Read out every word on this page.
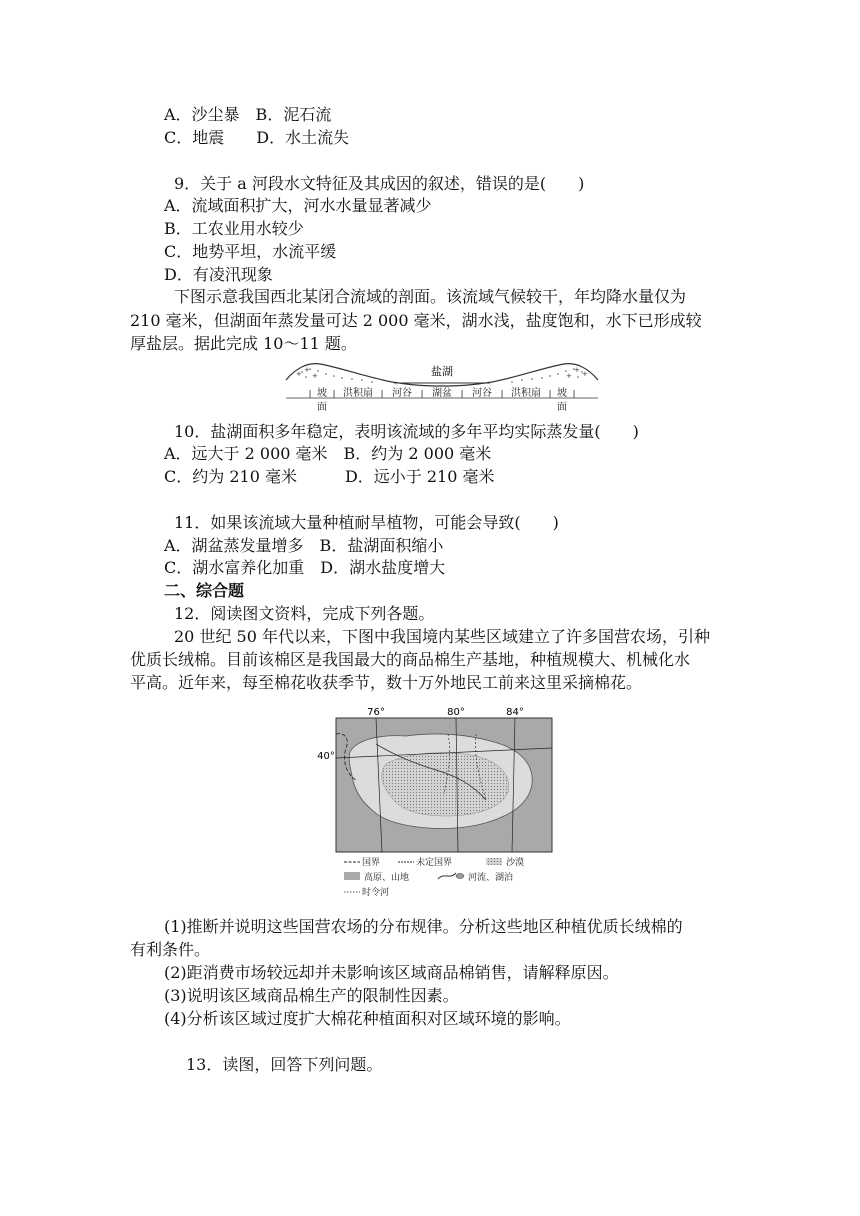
A．沙尘暴　B．泥石流
C．地震　　D．水土流失
9．关于 a 河段水文特征及其成因的叙述，错误的是(　　)
A．流域面积扩大，河水水量显著减少
B．工农业用水较少
C．地势平坦，水流平缓
D．有凌汛现象
下图示意我国西北某闭合流域的剖面。该流域气候较干，年均降水量仅为
210 毫米，但湖面年蒸发量可达 2 000 毫米，湖水浅，盐度饱和，水下已形成较
厚盐层。据此完成 10～11 题。
+ +
+	+
+
+
盐湖
坡 洪积扇 河谷 湖盆 河谷 洪积扇 坡
面	面
10．盐湖面积多年稳定，表明该流域的多年平均实际蒸发量(　　)
A．远大于 2 000 毫米　B．约为 2 000 毫米
C．约为 210 毫米　　　D．远小于 210 毫米
11．如果该流域大量种植耐旱植物，可能会导致(　　)
A．湖盆蒸发量增多　B．盐湖面积缩小
C．湖水富养化加重　D．湖水盐度增大
二、综合题
12．阅读图文资料，完成下列各题。
20 世纪 50 年代以来，下图中我国境内某些区域建立了许多国营农场，引种
优质长绒棉。目前该棉区是我国最大的商品棉生产基地，种植规模大、机械化水
平高。近年来，每至棉花收获季节，数十万外地民工前来这里采摘棉花。
76°	80°	84°
40°
国界	未定国界	沙漠
高原、山地	河流、湖泊
时令河
(1)推断并说明这些国营农场的分布规律。分析这些地区种植优质长绒棉的
有利条件。
(2)距消费市场较远却并未影响该区域商品棉销售，请解释原因。
(3)说明该区域商品棉生产的限制性因素。
(4)分析该区域过度扩大棉花种植面积对区域环境的影响。
13．读图，回答下列问题。
